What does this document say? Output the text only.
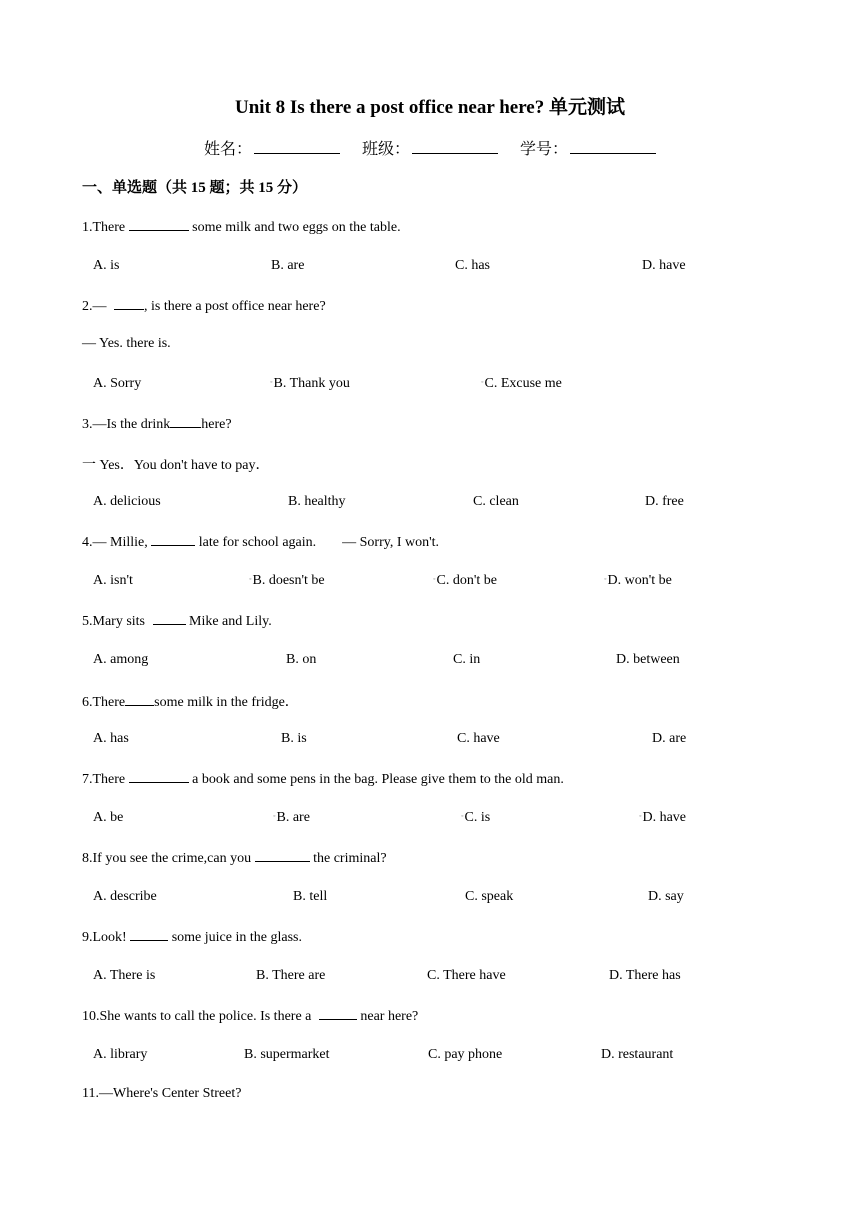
Unit 8 Is there a post office near here? 单元测试
姓名：	班级：	学号：
一、单选题（共 15 题；共 15 分）
1.There	some milk and two eggs on the table.
A. is	B. are	C. has	D. have
2.— , is there a post office near here?
— Yes. there is.
A. Sorry	◦B. Thank you	◦C. Excuse me
3.—Is the drink here?
一 Yes．You don't have to pay．
A. delicious	B. healthy	C. clean	D. free
4.— Millie,	late for school again. — Sorry, I won't.
A. isn't	◦B. doesn't be	◦C. don't be	◦D. won't be
5.Mary sits	Mike and Lily.
A. among	B. on	C. in	D. between
6.There some milk in the fridge．
A. has	B. is	C. have	D. are
7.There	a book and some pens in the bag. Please give them to the old man.
A. be	◦B. are	◦C. is	◦D. have
8.If you see the crime,can you	the criminal?
A. describe	B. tell	C. speak	D. say
9.Look!	some juice in the glass.
A. There is	B. There are	C. There have	D. There has
10.She wants to call the police. Is there a	near here?
A. library	B. supermarket	C. pay phone	D. restaurant
11.—Where's Center Street?
